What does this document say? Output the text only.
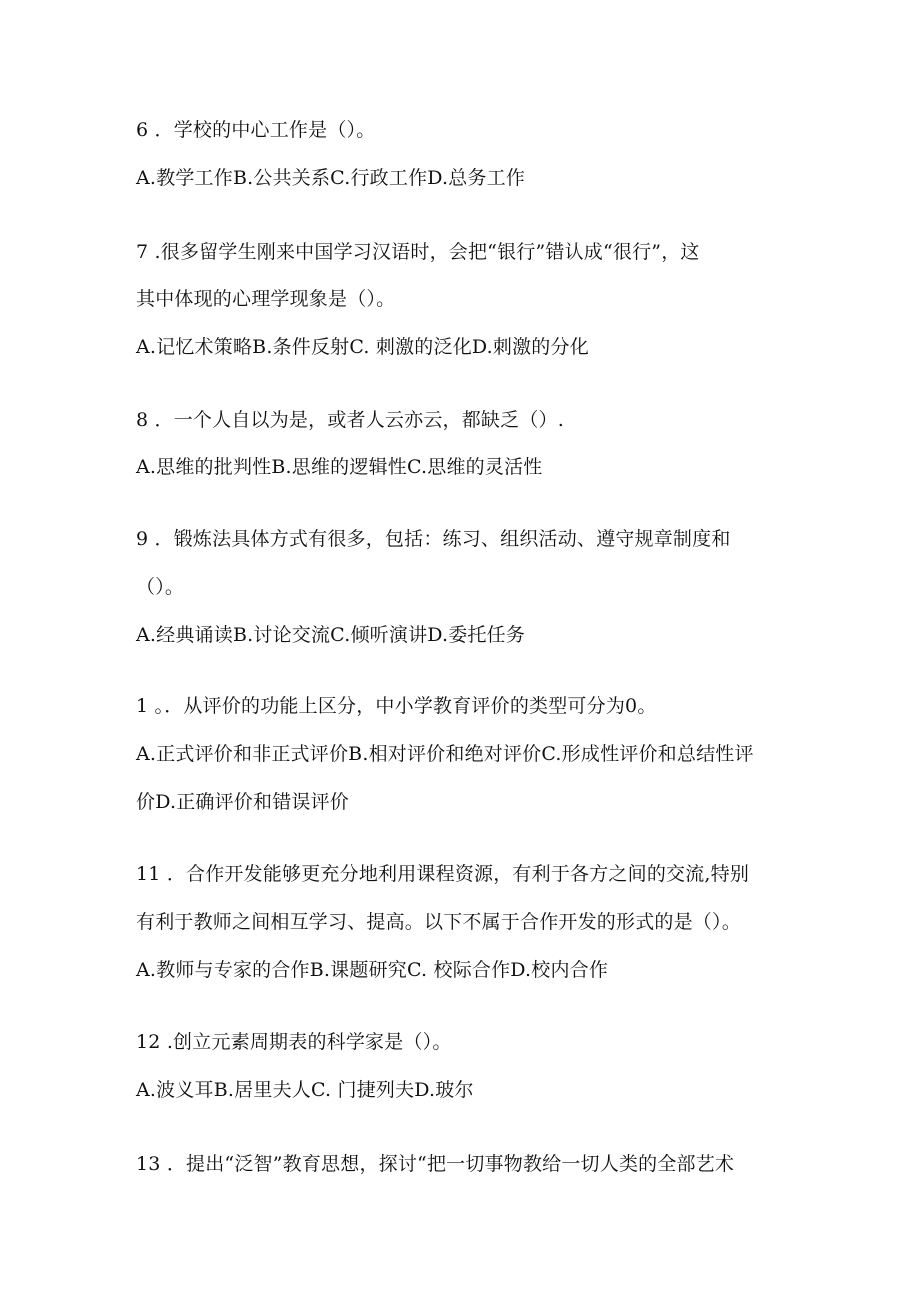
6 ．学校的中心工作是（）。
A.教学工作B.公共关系C.行政工作D.总务工作
7 .很多留学生刚来中国学习汉语时，会把“银行”错认成“很行”，这
其中体现的心理学现象是（）。
A.记忆术策略B.条件反射C. 刺激的泛化D.刺激的分化
8 ．一个人自以为是，或者人云亦云，都缺乏（）.
A.思维的批判性B.思维的逻辑性C.思维的灵活性
9 ．锻炼法具体方式有很多，包括：练习、组织活动、遵守规章制度和
（）。
A.经典诵读B.讨论交流C.倾听演讲D.委托任务
1 。．从评价的功能上区分，中小学教育评价的类型可分为0。
A.正式评价和非正式评价B.相对评价和绝对评价C.形成性评价和总结性评
价D.正确评价和错误评价
11 ．合作开发能够更充分地利用课程资源，有利于各方之间的交流,特别
有利于教师之间相互学习、提高。以下不属于合作开发的形式的是（）。
A.教师与专家的合作B.课题研究C. 校际合作D.校内合作
12 .创立元素周期表的科学家是（）。
A.波义耳B.居里夫人C. 门捷列夫D.玻尔
13 ．提出“泛智”教育思想，探讨“把一切事物教给一切人类的全部艺术
